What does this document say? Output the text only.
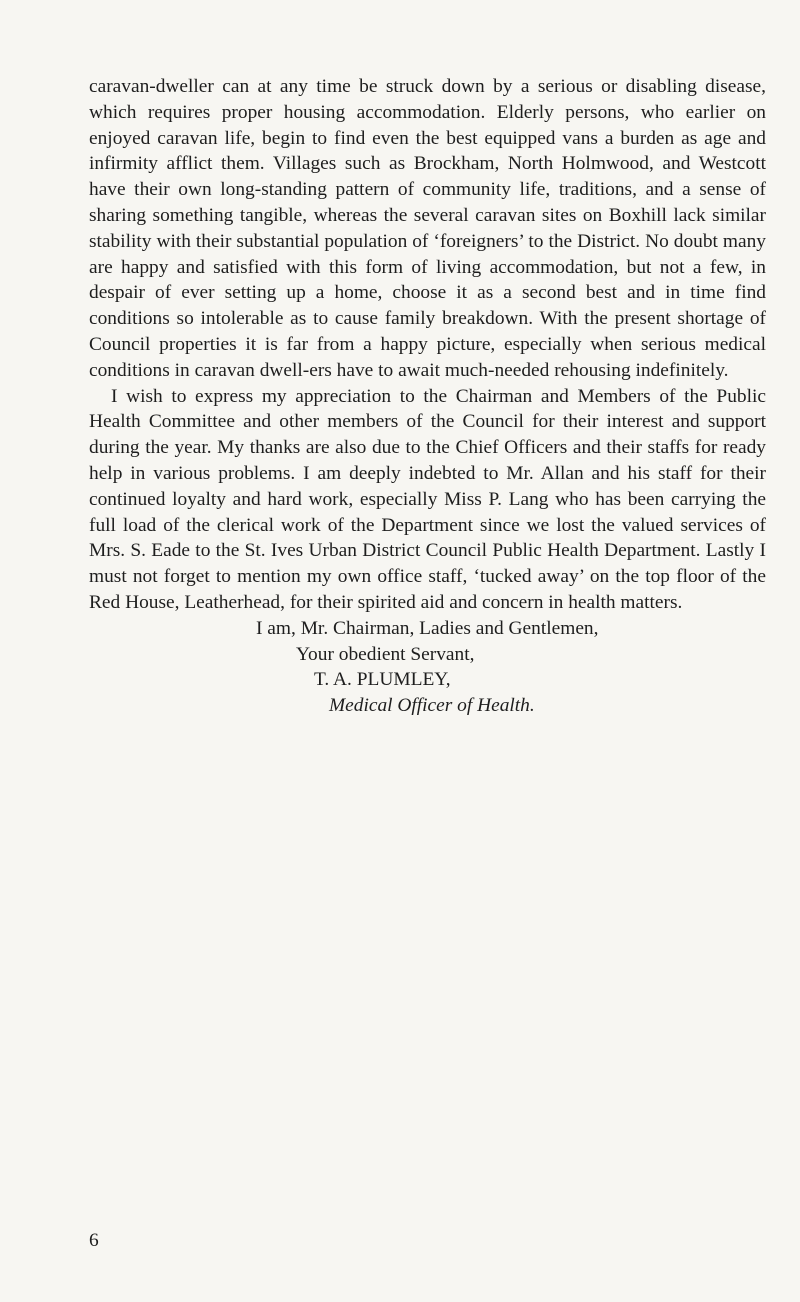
caravan-dweller can at any time be struck down by a serious or disabling disease, which requires proper housing accommodation. Elderly persons, who earlier on enjoyed caravan life, begin to find even the best equipped vans a burden as age and infirmity afflict them. Villages such as Brockham, North Holmwood, and Westcott have their own long-standing pattern of community life, traditions, and a sense of sharing something tangible, whereas the several caravan sites on Boxhill lack similar stability with their substantial population of ‘foreigners’ to the District. No doubt many are happy and satisfied with this form of living accommodation, but not a few, in despair of ever setting up a home, choose it as a second best and in time find conditions so intolerable as to cause family breakdown. With the present shortage of Council properties it is far from a happy picture, especially when serious medical conditions in caravan dwell-ers have to await much-needed rehousing indefinitely.

I wish to express my appreciation to the Chairman and Members of the Public Health Committee and other members of the Council for their interest and support during the year. My thanks are also due to the Chief Officers and their staffs for ready help in various problems. I am deeply indebted to Mr. Allan and his staff for their continued loyalty and hard work, especially Miss P. Lang who has been carrying the full load of the clerical work of the Department since we lost the valued services of Mrs. S. Eade to the St. Ives Urban District Council Public Health Department. Lastly I must not forget to mention my own office staff, ‘tucked away’ on the top floor of the Red House, Leatherhead, for their spirited aid and concern in health matters.

I am, Mr. Chairman, Ladies and Gentlemen,
Your obedient Servant,
T. A. PLUMLEY,
Medical Officer of Health.
6
